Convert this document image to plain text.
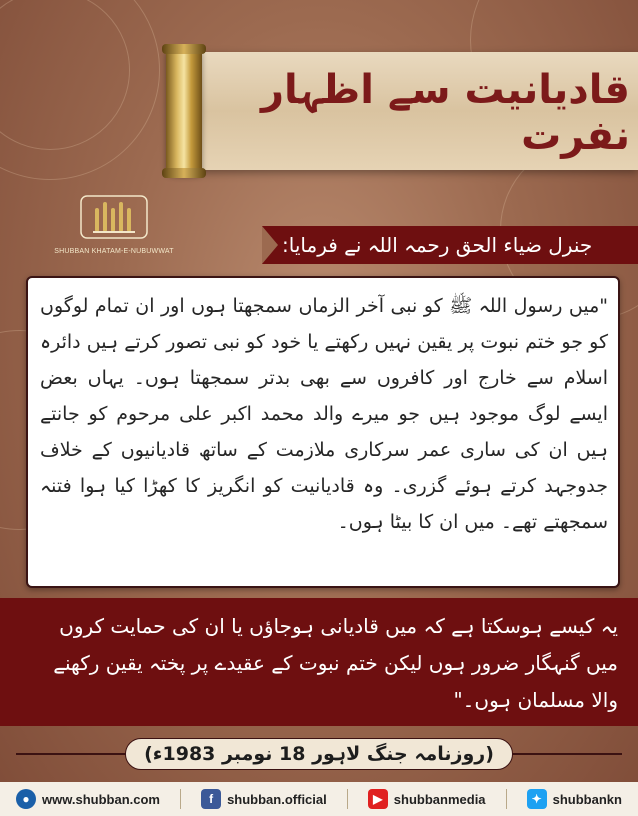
قادیانیت سے اظہار نفرت
SHUBBAN KHATAM-E-NUBUWWAT	جنرل ضیاء الحق رحمہ اللہ نے فرمایا:
"میں رسول اللہ ﷺ کو نبی آخر الزماں سمجھتا ہوں اور ان تمام لوگوں کو جو ختم نبوت پر یقین نہیں رکھتے یا خود کو نبی تصور کرتے ہیں دائرہ اسلام سے خارج اور کافروں سے بھی بدتر سمجھتا ہوں۔ یہاں بعض ایسے لوگ موجود ہیں جو میرے والد محمد اکبر علی مرحوم کو جانتے ہیں ان کی ساری عمر سرکاری ملازمت کے ساتھ قادیانیوں کے خلاف جدوجہد کرتے ہوئے گزری۔ وہ قادیانیت کو انگریز کا کھڑا کیا ہوا فتنہ سمجھتے تھے۔ میں ان کا بیٹا ہوں۔
یہ کیسے ہوسکتا ہے کہ میں قادیانی ہوجاؤں یا ان کی حمایت کروں میں گنہگار ضرور ہوں لیکن ختم نبوت کے عقیدے پر پختہ یقین رکھنے والا مسلمان ہوں۔"
(روزنامہ جنگ لاہور 18 نومبر 1983ء)
● www.shubban.com	f	shubban.official	▶ shubbanmedia	✦ shubbankn
